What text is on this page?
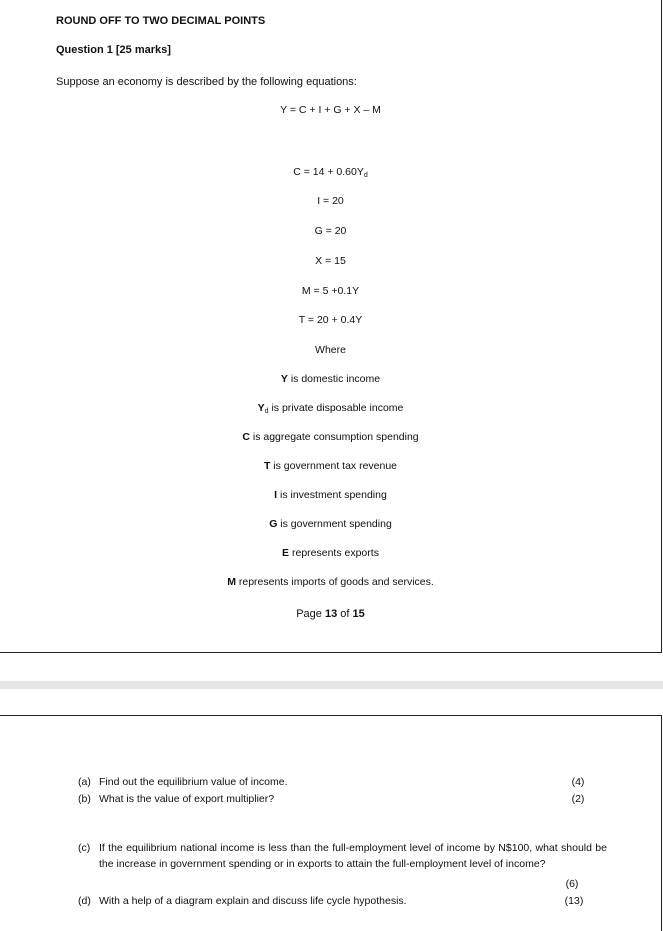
ROUND OFF TO TWO DECIMAL POINTS
Question 1 [25 marks]
Suppose an economy is described by the following equations:
Y = C + I + G + X – M
$C = 14 + 0.60Y_d$
I = 20
G = 20
X = 15
M = 5 +0.1Y
T = 20 + 0.4Y
Where
Y is domestic income
$Y_d$ is private disposable income
C is aggregate consumption spending
T is government tax revenue
I is investment spending
G is government spending
E represents exports
M represents imports of goods and services.
Page 13 of 15
(a) Find out the equilibrium value of income.	(4)
(b) What is the value of export multiplier?	(2)
(c) If the equilibrium national income is less than the full-employment level of income by N$100, what should be the increase in government spending or in exports to attain the full-employment level of income?
(6)
(d) With a help of a diagram explain and discuss life cycle hypothesis.	(13)
